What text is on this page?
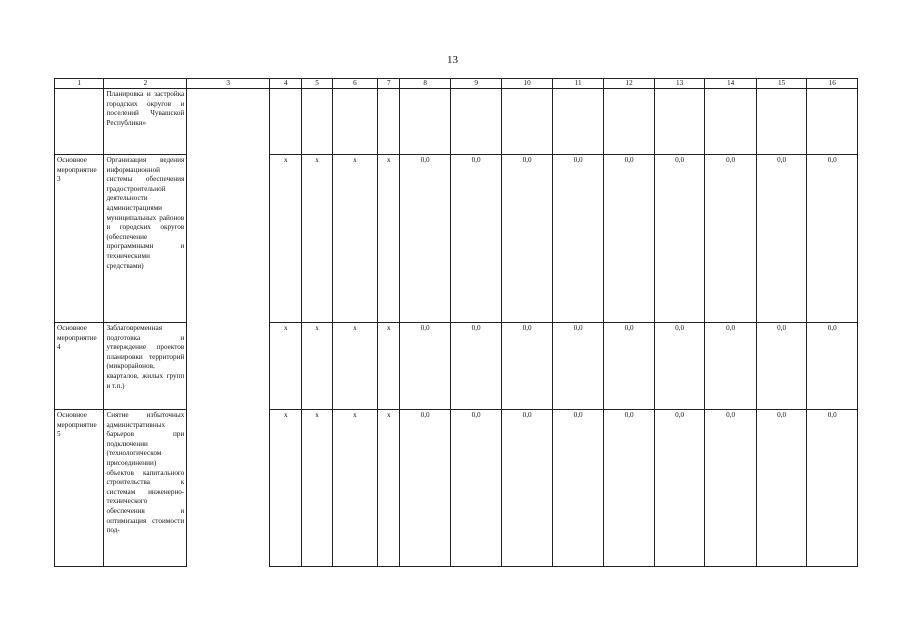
13
1	2	3	4	5	6	7	8	9	10	11	12	13	14	15	16
	Планировка и застройка городских округов и поселений Чувашской Республики»														
Основное мероприятие 3	Организация ведения информационной системы обеспечения градостроительной деятельности администрациями муниципальных районов и городских округов (обеспечение программными и техническими средствами)		x	x	x	x	0,0	0,0	0,0	0,0	0,0	0,0	0,0	0,0	0,0
Основное мероприятие 4	Заблаговременная подготовка и утверждение проектов планировки территорий (микрорайонов, кварталов, жилых групп и т.п.)		x	x	x	x	0,0	0,0	0,0	0,0	0,0	0,0	0,0	0,0	0,0
Основное мероприятие 5	Снятие избыточных административных барьеров при подключении (технологическом присоединении) объектов капитального строительства к системам инженерно-технического обеспечения и оптимизация стоимости под-		x	x	x	x	0,0	0,0	0,0	0,0	0,0	0,0	0,0	0,0	0,0
